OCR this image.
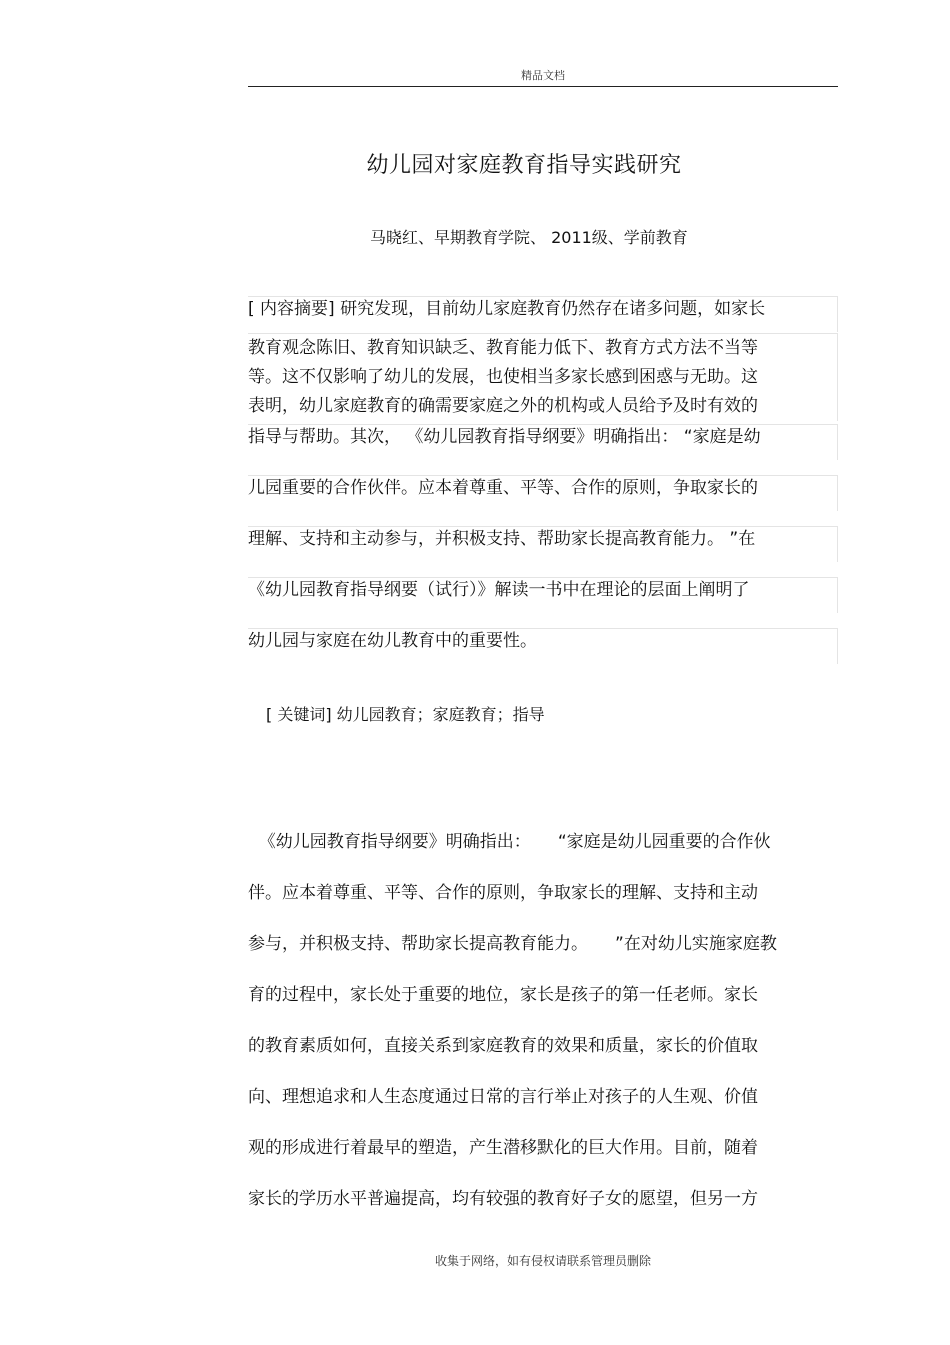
精品文档
幼儿园对家庭教育指导实践研究
马晓红、早期教育学院、 2011级、学前教育
[ 内容摘要] 研究发现，目前幼儿家庭教育仍然存在诸多问题，如家长
教育观念陈旧、教育知识缺乏、教育能力低下、教育方式方法不当等
等。这不仅影响了幼儿的发展，也使相当多家长感到困惑与无助。这
表明，幼儿家庭教育的确需要家庭之外的机构或人员给予及时有效的
指导与帮助。其次， 《幼儿园教育指导纲要》明确指出： “家庭是幼
儿园重要的合作伙伴。应本着尊重、平等、合作的原则，争取家长的
理解、支持和主动参与，并积极支持、帮助家长提高教育能力。 ”在
《幼儿园教育指导纲要（试行）》解读一书中在理论的层面上阐明了
幼儿园与家庭在幼儿教育中的重要性。
[ 关键词] 幼儿园教育；家庭教育；指导
《幼儿园教育指导纲要》明确指出：     “家庭是幼儿园重要的合作伙
伴。应本着尊重、平等、合作的原则，争取家长的理解、支持和主动
参与，并积极支持、帮助家长提高教育能力。     ”在对幼儿实施家庭教
育的过程中，家长处于重要的地位，家长是孩子的第一任老师。家长
的教育素质如何，直接关系到家庭教育的效果和质量，家长的价值取
向、理想追求和人生态度通过日常的言行举止对孩子的人生观、价值
观的形成进行着最早的塑造，产生潜移默化的巨大作用。目前，随着
家长的学历水平普遍提高，均有较强的教育好子女的愿望，但另一方
收集于网络，如有侵权请联系管理员删除
